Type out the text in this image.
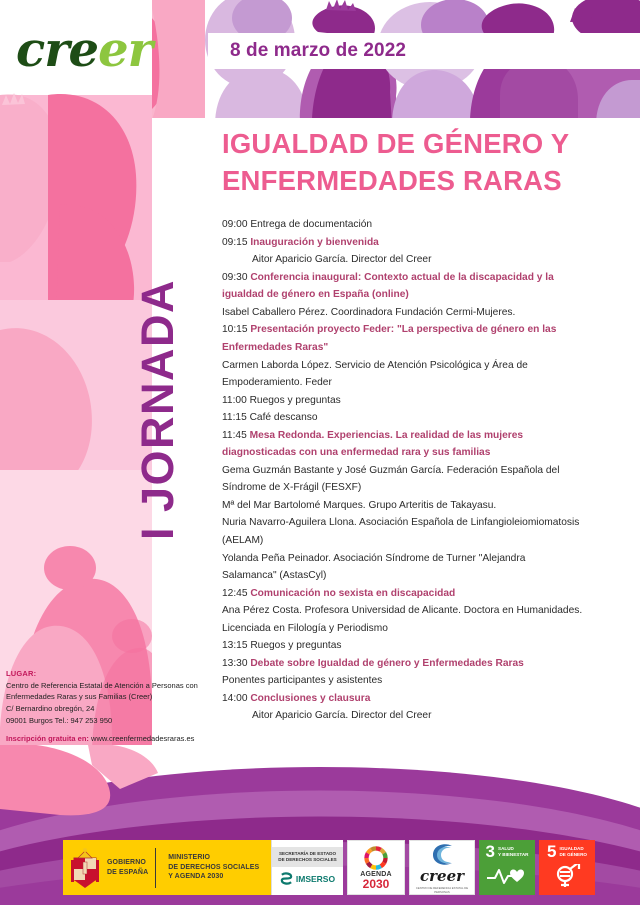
8 de marzo de 2022
creer
I JORNADA
IGUALDAD DE GÉNERO Y
ENFERMEDADES RARAS
09:00 Entrega de documentación
09:15 Inauguración y bienvenida
Aitor Aparicio García. Director del Creer
09:30 Conferencia inaugural: Contexto actual de la discapacidad y la
igualdad de género en España (online)
Isabel Caballero Pérez. Coordinadora Fundación Cermi-Mujeres.
10:15 Presentación proyecto Feder: "La perspectiva de género en las
Enfermedades Raras"
Carmen Laborda López. Servicio de Atención Psicológica y Área de
Empoderamiento. Feder
11:00 Ruegos y preguntas
11:15 Café descanso
11:45 Mesa Redonda. Experiencias. La realidad de las mujeres
diagnosticadas con una enfermedad rara y sus familias
Gema Guzmán Bastante y José Guzmán García. Federación Española del
Síndrome de X-Frágil (FESXF)
Mª del Mar Bartolomé Marques. Grupo Arteritis de Takayasu.
Nuria Navarro-Aguilera Llona. Asociación Española de Linfangioleiomiomatosis
(AELAM)
Yolanda Peña Peinador. Asociación Síndrome de Turner "Alejandra
Salamanca" (AstasCyl)
12:45 Comunicación no sexista en discapacidad
Ana Pérez Costa. Profesora Universidad de Alicante. Doctora en Humanidades.
Licenciada en Filología y Periodismo
13:15 Ruegos y preguntas
13:30 Debate sobre Igualdad de género y Enfermedades Raras
Ponentes participantes y asistentes
14:00 Conclusiones y clausura
Aitor Aparicio García. Director del Creer
LUGAR:
Centro de Referencia Estatal de Atención a Personas con
Enfermedades Raras y sus Familias (Creer)
C/ Bernardino obregón, 24
09001 Burgos Tel.: 947 253 950
Inscripción gratuita en: www.creenfermedadesraras.es
GOBIERNO
DE ESPAÑA
MINISTERIO
DE DERECHOS SOCIALES
Y AGENDA 2030
SECRETARÍA DE ESTADO
DE DERECHOS SOCIALES
IMSERSO	AGENDA
2030 creer
CENTRO DE REFERENCIA ESTATAL DE PERSONAS
3 SALUD
Y BIENESTAR 5 IGUALDAD
DE GÉNERO
